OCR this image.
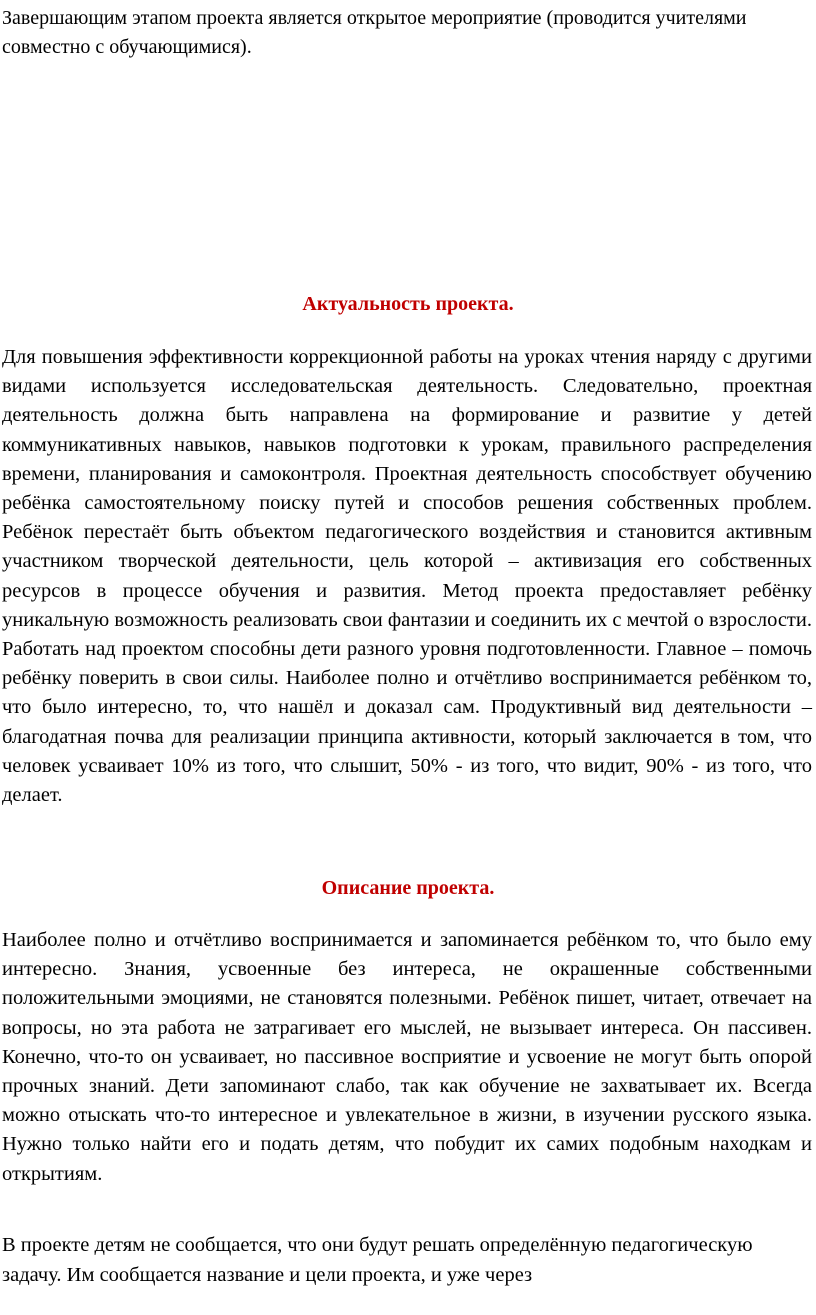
Завершающим этапом проекта является открытое мероприятие (проводится учителями совместно с обучающимися).

Актуальность проекта.

Для повышения эффективности коррекционной работы на уроках чтения наряду с другими видами используется исследовательская деятельность. Следовательно, проектная деятельность должна быть направлена на формирование и развитие у детей коммуникативных навыков, навыков подготовки к урокам, правильного распределения времени, планирования и самоконтроля. Проектная деятельность способствует обучению ребёнка самостоятельному поиску путей и способов решения собственных проблем. Ребёнок перестаёт быть объектом педагогического воздействия и становится активным участником творческой деятельности, цель которой – активизация его собственных ресурсов в процессе обучения и развития. Метод проекта предоставляет ребёнку уникальную возможность реализовать свои фантазии и соединить их с мечтой о взрослости. Работать над проектом способны дети разного уровня подготовленности. Главное – помочь ребёнку поверить в свои силы. Наиболее полно и отчётливо воспринимается ребёнком то, что было интересно, то, что нашёл и доказал сам. Продуктивный вид деятельности – благодатная почва для реализации принципа активности, который заключается в том, что человек усваивает 10% из того, что слышит, 50% - из того, что видит, 90% - из того, что делает.

Описание проекта.

Наиболее полно и отчётливо воспринимается и запоминается ребёнком то, что было ему интересно. Знания, усвоенные без интереса, не окрашенные собственными положительными эмоциями, не становятся полезными. Ребёнок пишет, читает, отвечает на вопросы, но эта работа не затрагивает его мыслей, не вызывает интереса. Он пассивен. Конечно, что-то он усваивает, но пассивное восприятие и усвоение не могут быть опорой прочных знаний. Дети запоминают слабо, так как обучение не захватывает их. Всегда можно отыскать что-то интересное и увлекательное в жизни, в изучении русского языка. Нужно только найти его и подать детям, что побудит их самих подобным находкам и открытиям.

В проекте детям не сообщается, что они будут решать определённую педагогическую задачу. Им сообщается название и цели проекта, и уже через
